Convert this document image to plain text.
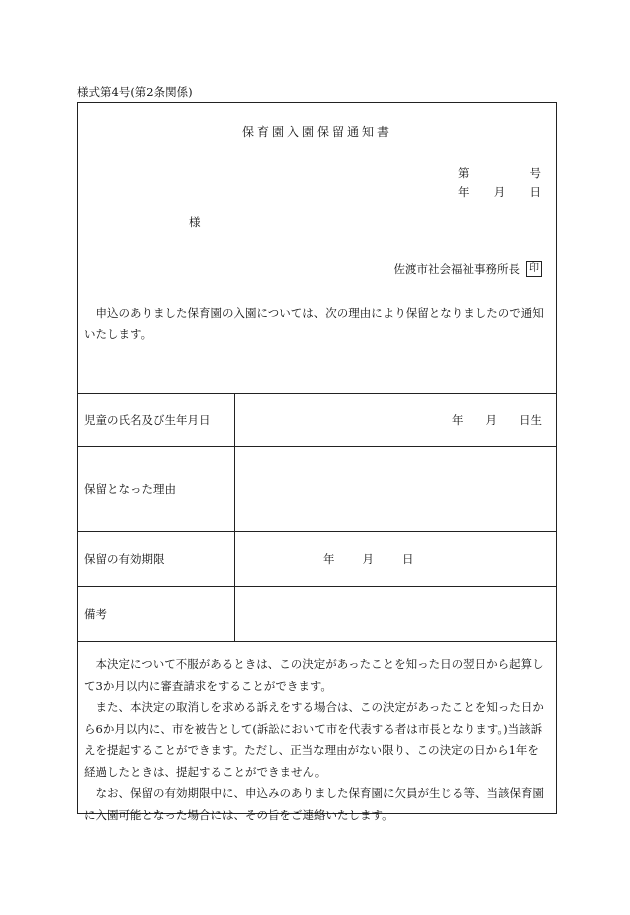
様式第4号(第2条関係)
保育園入園保留通知書
第	号
年 月 日
様
佐渡市社会福祉事務所長 印
申込のありました保育園の入園については、次の理由により保留となりましたので通知いたします。
児童の氏名及び生年月日	年 月 日生
保留となった理由	
保留の有効期限	年 月 日
備考	

本決定について不服があるときは、この決定があったことを知った日の翌日から起算して3か月以内に審査請求をすることができます。

また、本決定の取消しを求める訴えをする場合は、この決定があったことを知った日から6か月以内に、市を被告として(訴訟において市を代表する者は市長となります。)当該訴えを提起することができます。ただし、正当な理由がない限り、この決定の日から1年を経過したときは、提起することができません。

なお、保留の有効期限中に、申込みのありました保育園に欠員が生じる等、当該保育園に入園可能となった場合には、その旨をご連絡いたします。
